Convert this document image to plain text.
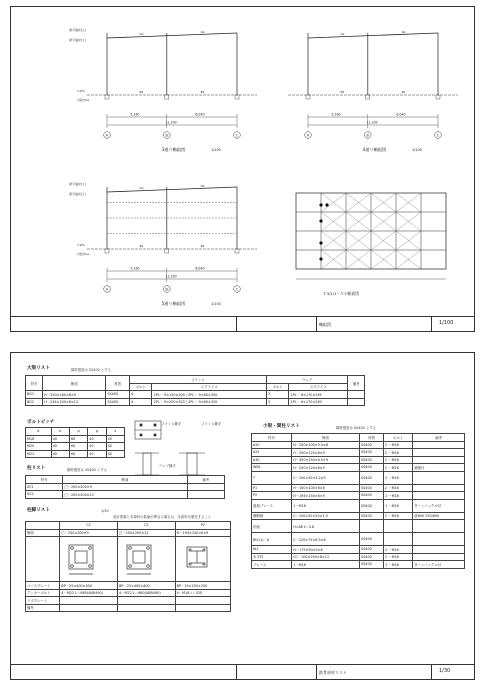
G1	G1
B1	B1
梁天端(柱上)
梁天端(柱上)
▽1FL
▽設計GL
5,160	6,040
11,200
A	B	C
3通り軸組図	1/100
G1	G1
B1	B1
5,160	6,040
11,200
A	B	C
4通り軸組図	1/100
G1	G1
B1	B1
梁天端(柱上)
梁天端(柱上)
▽1FL
▽設計GL
5,160	6,040
11,200
A	B	C
5通り軸組図	1/100
Ｙ3/1/1－Ｙ3'断面図
軸組図	1/100
大梁リスト	鋼材強度は SS400 とする
符号	断面	材質	フランジ		ウェブ		備考
			ボルト	スプライス	ボルト	スプライス	
BG1	H－350×160×6×9	SS400	4	2PL－ 9×150×300 / 2PL－ 9×80×300	3	2PL－ 6×170×265	
BG2	H－244×200×6×12	SS400	4	2PL－ 9×200×320 / 2PL－ 9×80×320	3	2PL－ 6×170×260	
ボルトピッチ
d	e	p	g	s
M16	40	60	40	40
M20	40	60	40	40
M22	40	60	40	40
フランジ継手	フランジ継手
ウェブ継手
柱リスト	鋼材強度は SS400 とする
符号	断面	備考
SC1	□－200×200×9	
SC2	□－200×200×12	
柱脚リスト	1/30
設計図書と本資料の数値が異なる場合は、本資料を優先すること
	C1	C2	P2
断面	□－200×200×9	□－200×200×12	H－194×150×6×9

ベースプレート	BP－25×400×400	BP－25×400×400	BP－19×250×250
アンカーボルト	4－M22 L＝660(ABR490)	4－M22 L＝660(ABR490)	4－M16 L＝520
リブプレート			
備考			
小梁・間柱リスト	鋼材強度は SS400 とする
符号	断面	材質	ボルト	備考
b20	H－200×100×5.5×8	SS400	2 －M16	
b25	H－250×125×6×9	SS400	2 －M16	
b30	H－300×150×6.5×9	SS400	2 －M16	
WB1	H－250×125×6×9	SS400	2 －M16	補強付
T	C－100×50×3.2×5	SS400	2 －M16	
P1	H－100×100×6×8	SS400	2 －M16	
P2	H－194×150×6×9	SS400	2 －M16	
屋根ブレース	1－M16	SS400	1 －M16	ターンバックル付
横胴縁	C－100×50×20×2.3	SS400	2 －M16	@600 250/600
折版	H=88 t＝0.8			
Bt1(1)－A	C－125×75×6.5×8	SS400		
bt1	H－175×90×5×8	SS400	2 －M16	
水平材	CC－100×200×6×12	SS400	2 －M16	
ブレース	1－M16	SS400	1 －M16	ターンバックル付
鉄骨部材リスト	1/30
